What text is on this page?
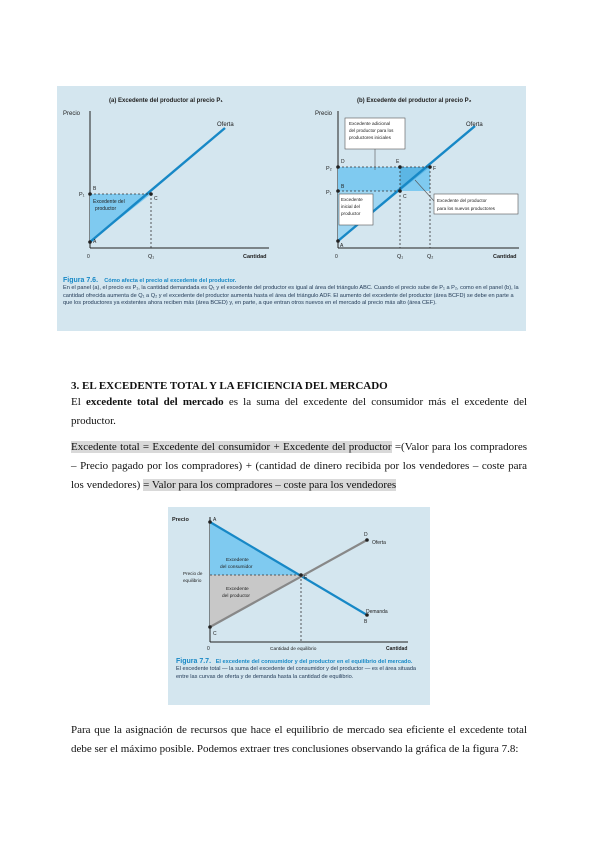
(a) Excedente del productor al precio P₁
Precio
Oferta
P₁
B
C
A
0	Q₁	Cantidad
Excedente del
productor
(b) Excedente del productor al precio P₂
Precio
Oferta
P₂
P₁
D	E
F
B
C
A
0	Q₁	Q₂	Cantidad
Excedente adicional
del productor para los
productores iniciales
Excedente
inicial del
productor
Excedente del productor
para los nuevos productores
Figura 7.6. Cómo afecta el precio al excedente del productor.
En el panel (a), el precio es P₁, la cantidad demandada es Q₁ y el excedente del productor es igual al área del triángulo ABC. Cuando el precio sube de P₁ a P₂, como en el panel (b), la cantidad ofrecida aumenta de Q₁ a Q₂ y el excedente del productor aumenta hasta el área del triángulo ADF. El aumento del excedente del productor (área BCFD) se debe en parte a que los productores ya existentes ahora reciben más (área BCED) y, en parte, a que entran otros nuevos en el mercado al precio más alto (área CEF).
3. EL EXCEDENTE TOTAL Y LA EFICIENCIA DEL MERCADO
El excedente total del mercado es la suma del excedente del consumidor más el excedente del productor.
Excedente total = Excedente del consumidor + Excedente del productor =(Valor para los compradores – Precio pagado por los compradores) + (cantidad de dinero recibida por los vendedores – coste para los vendedores) = Valor para los compradores – coste para los vendedores
Precio	A
C
E
D
B
Oferta
Demanda
Precio de
equilibrio
0	Cantidad de equilibrio	Cantidad
Excedente
del consumidor
Excedente
del productor
Figura 7.7. El excedente del consumidor y del productor en el equilibrio del mercado.
El excedente total — la suma del excedente del consumidor y del productor — es el área situada entre las curvas de oferta y de demanda hasta la cantidad de equilibrio.
Para que la asignación de recursos que hace el equilibrio de mercado sea eficiente el excedente total debe ser el máximo posible. Podemos extraer tres conclusiones observando la gráfica de la figura 7.8:
